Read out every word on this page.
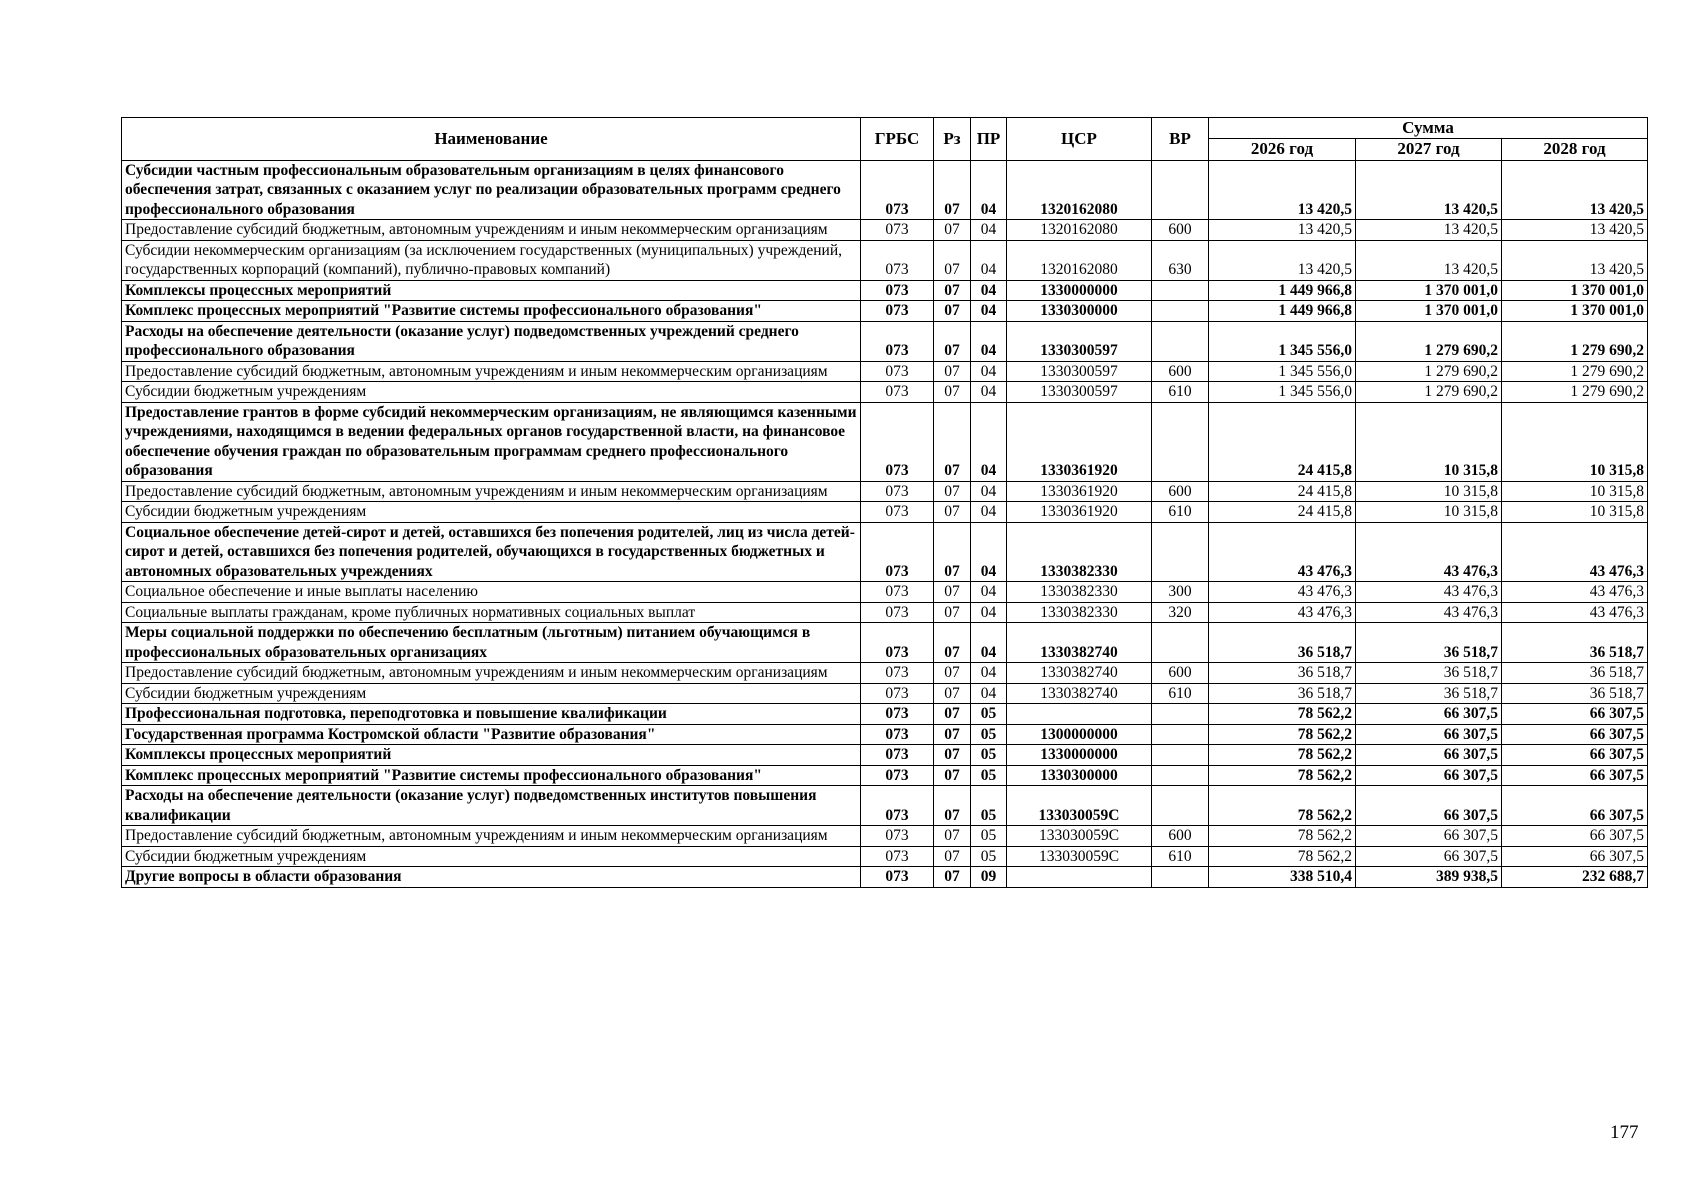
Наименование	ГРБС	Рз	ПР	ЦСР	ВР	Сумма		
						2026 год	2027 год	2028 год
Субсидии частным профессиональным образовательным организациям в целях финансового обеспечения затрат, связанных с оказанием услуг по реализации образовательных программ среднего профессионального образования	073	07	04	1320162080		13 420,5	13 420,5	13 420,5
Предоставление субсидий бюджетным, автономным учреждениям и иным некоммерческим организациям	073	07	04	1320162080	600	13 420,5	13 420,5	13 420,5
Субсидии некоммерческим организациям (за исключением государственных (муниципальных) учреждений, государственных корпораций (компаний), публично-правовых компаний)	073	07	04	1320162080	630	13 420,5	13 420,5	13 420,5
Комплексы процессных мероприятий	073	07	04	1330000000		1 449 966,8	1 370 001,0	1 370 001,0
Комплекс процессных мероприятий "Развитие системы профессионального образования"	073	07	04	1330300000		1 449 966,8	1 370 001,0	1 370 001,0
Расходы на обеспечение деятельности (оказание услуг) подведомственных учреждений среднего профессионального образования	073	07	04	1330300597		1 345 556,0	1 279 690,2	1 279 690,2
Предоставление субсидий бюджетным, автономным учреждениям и иным некоммерческим организациям	073	07	04	1330300597	600	1 345 556,0	1 279 690,2	1 279 690,2
Субсидии бюджетным учреждениям	073	07	04	1330300597	610	1 345 556,0	1 279 690,2	1 279 690,2
Предоставление грантов в форме субсидий некоммерческим организациям, не являющимся казенными учреждениями, находящимся в ведении федеральных органов государственной власти, на финансовое обеспечение обучения граждан по образовательным программам среднего профессионального образования	073	07	04	1330361920		24 415,8	10 315,8	10 315,8
Предоставление субсидий бюджетным, автономным учреждениям и иным некоммерческим организациям	073	07	04	1330361920	600	24 415,8	10 315,8	10 315,8
Субсидии бюджетным учреждениям	073	07	04	1330361920	610	24 415,8	10 315,8	10 315,8
Социальное обеспечение детей-сирот и детей, оставшихся без попечения родителей, лиц из числа детей-сирот и детей, оставшихся без попечения родителей, обучающихся в государственных бюджетных и автономных образовательных учреждениях	073	07	04	1330382330		43 476,3	43 476,3	43 476,3
Социальное обеспечение и иные выплаты населению	073	07	04	1330382330	300	43 476,3	43 476,3	43 476,3
Социальные выплаты гражданам, кроме публичных нормативных социальных выплат	073	07	04	1330382330	320	43 476,3	43 476,3	43 476,3
Меры социальной поддержки по обеспечению бесплатным (льготным) питанием обучающимся в профессиональных образовательных организациях	073	07	04	1330382740		36 518,7	36 518,7	36 518,7
Предоставление субсидий бюджетным, автономным учреждениям и иным некоммерческим организациям	073	07	04	1330382740	600	36 518,7	36 518,7	36 518,7
Субсидии бюджетным учреждениям	073	07	04	1330382740	610	36 518,7	36 518,7	36 518,7
Профессиональная подготовка, переподготовка и повышение квалификации	073	07	05			78 562,2	66 307,5	66 307,5
Государственная программа Костромской области "Развитие образования"	073	07	05	1300000000		78 562,2	66 307,5	66 307,5
Комплексы процессных мероприятий	073	07	05	1330000000		78 562,2	66 307,5	66 307,5
Комплекс процессных мероприятий "Развитие системы профессионального образования"	073	07	05	1330300000		78 562,2	66 307,5	66 307,5
Расходы на обеспечение деятельности (оказание услуг) подведомственных институтов повышения квалификации	073	07	05	133030059C		78 562,2	66 307,5	66 307,5
Предоставление субсидий бюджетным, автономным учреждениям и иным некоммерческим организациям	073	07	05	133030059C	600	78 562,2	66 307,5	66 307,5
Субсидии бюджетным учреждениям	073	07	05	133030059C	610	78 562,2	66 307,5	66 307,5
Другие вопросы в области образования	073	07	09			338 510,4	389 938,5	232 688,7
177
